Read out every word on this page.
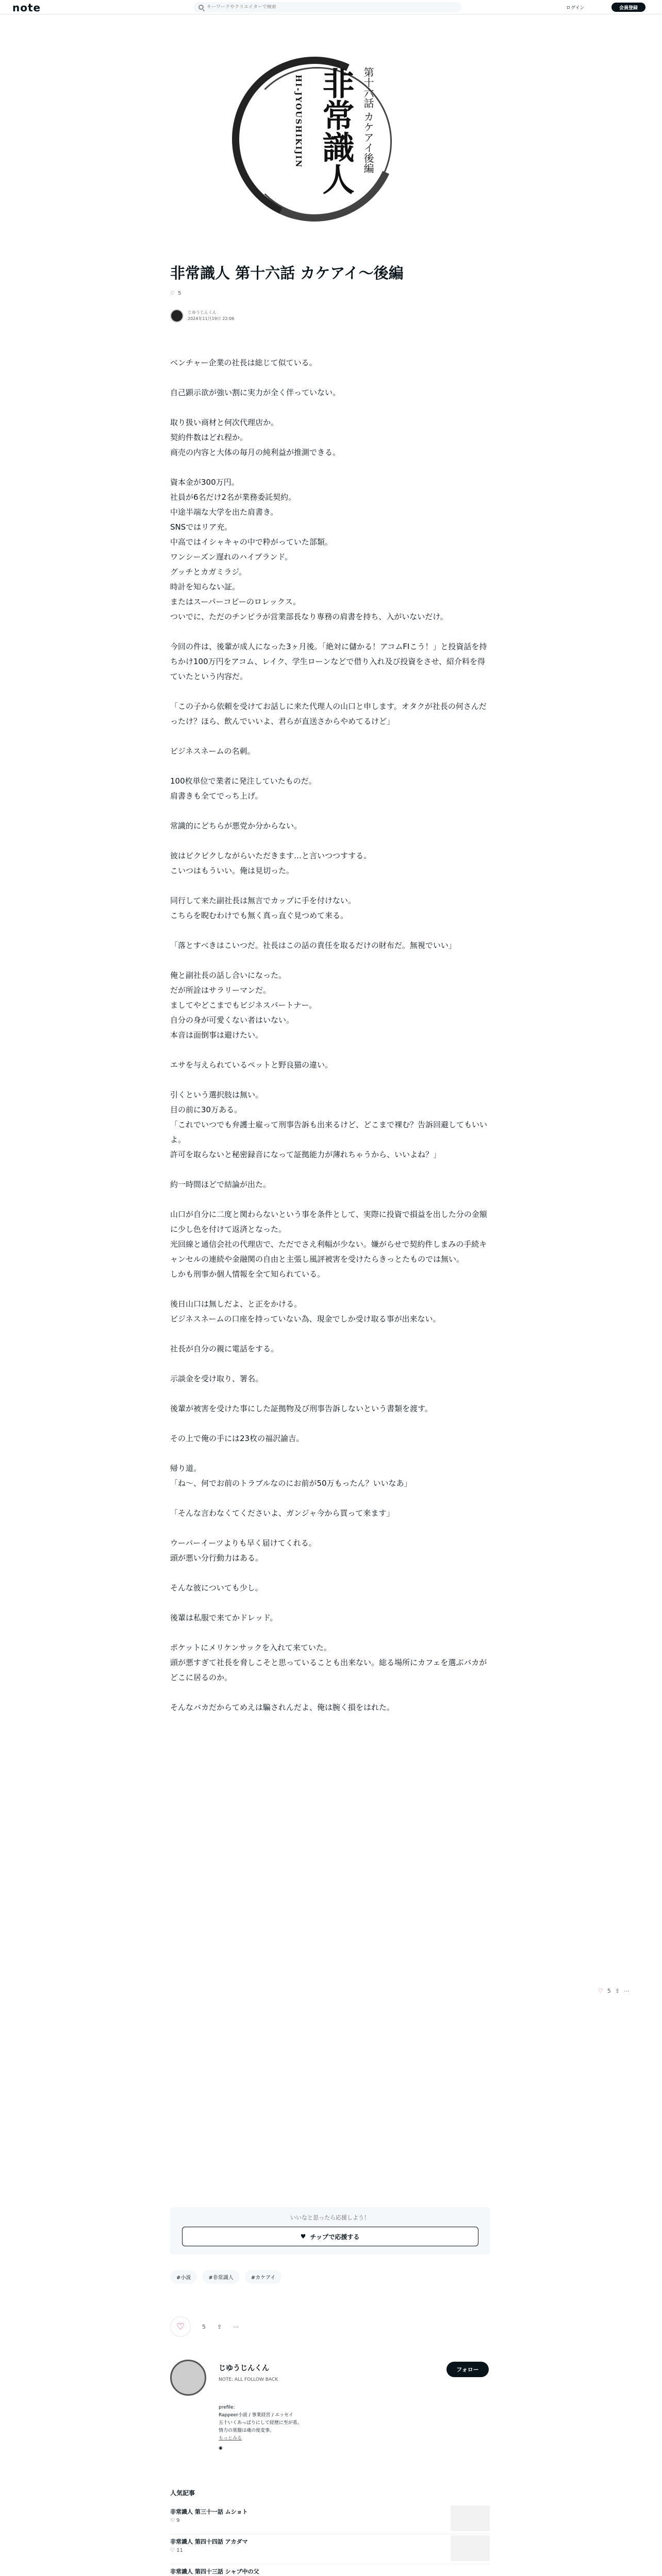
note
キーワードやクリエイターで検索	ログイン	会員登録
HI-JYOUSHIKIJIN 非常識人 第十六話 カケアイ後編
非常識人 第十六話 カケアイ〜後編
♡ 5
じゆうじんくん
2024年11月19日 22:06

ベンチャー企業の社長は総じて似ている。

自己顕示欲が強い割に実力が全く伴っていない。

取り扱い商材と何次代理店か。
契約件数はどれ程か。
商売の内容と大体の毎月の純利益が推測できる。

資本金が300万円。
社員が6名だけ2名が業務委託契約。
中途半端な大学を出た肩書き。
SNSではリア充。
中高ではイシャキャの中で粋がっていた部類。
ワンシーズン遅れのハイブランド。
グッチとカガミラジ。
時計を知らない証。
またはスーパーコピーのロレックス。
ついでに、ただのチンピラが営業部長なり専務の肩書を持ち、入がいないだけ。

今回の件は、後輩が成人になった3ヶ月後。「絶対に儲かる！アコムFIこう！」と投資話を持ちかけ100万円をアコム、レイク、学生ローンなどで借り入れ及び投資をさせ、紹介料を得ていたという内容だ。

「この子から依頼を受けてお話しに来た代理人の山口と申します。オタクが社長の何さんだったけ？ほら、飲んでいいよ、君らが直送さからやめてるけど」

ビジネスネームの名刺。

100枚単位で業者に発注していたものだ。
肩書きも全てでっち上げ。

常識的にどちらが悪党か分からない。

彼はビクビクしながらいただきます…と言いつつすする。
こいつはもういい。俺は見切った。

同行して来た副社長は無言でカップに手を付けない。
こちらを睨むわけでも無く真っ直ぐ見つめて来る。

「落とすべきはこいつだ。社長はこの話の責任を取るだけの財布だ。無視でいい」

俺と副社長の話し合いになった。
だが所詮はサラリーマンだ。
ましてやどこまでもビジネスパートナー。
自分の身が可愛くない者はいない。
本音は面倒事は避けたい。

エサを与えられているペットと野良猫の違い。

引くという選択肢は無い。
目の前に30万ある。
「これでいつでも弁護士雇って刑事告訴も出来るけど、どこまで裸む？告訴回避してもいいよ。
許可を取らないと秘密録音になって証拠能力が薄れちゃうから、いいよね？」

約一時間ほどで結論が出た。

山口が自分に二度と関わらないという事を条件として、実際に投資で損益を出した分の金額に少し色を付けて返済となった。
光回線と通信会社の代理店で、ただでさえ利幅が少ない。嫌がらせで契約件しまみの手続キャンセルの連続や金融関の自由と主張し風評被害を受けたらきっとたものでは無い。
しかも刑事か個人情報を全て知られている。

後日山口は無しだよ、と正をかける。
ビジネスネームの口座を持っていない為、現金でしか受け取る事が出来ない。

社長が自分の親に電話をする。

示談金を受け取り、署名。

後輩が被害を受けた事にした証拠物及び刑事告訴しないという書類を渡す。

その上で俺の手には23枚の福沢諭吉。

帰り道。
「ね〜、何でお前のトラブルなのにお前が50万もったん？いいなあ」

「そんな言わなくてくださいよ、ガンジャ今から買って来ます」

ウーバーイーツよりも早く届けてくれる。
頭が悪い分行動力はある。

そんな彼についても少し。

後輩は私服で来てかドレッド。

ポケットにメリケンサックを入れて来ていた。
頭が悪すぎて社長を脅しこそと思っていることも出来ない。総る場所にカフェを選ぶバカがどこに居るのか。

そんなバカだからてめえは騙されんだよ、俺は腕く損をはれた。

♡ 5 ⇪ ⋯
いいなと思ったら応援しよう！
♥ チップで応援する
#小説	#非常識人	#カケアイ
♡	5 ⇪ ⋯
じゆうじんくん
NOTE: ALL FOLLOW BACK
prefile:
Rappeer小説 / 事業経営 / エッセイ
五十いくあっぱりにして経歴に至が系。
情力の基盤は魂の度変事。
もっとみる
◉
フォロー
人気記事
非常識人 第三十一話 ムショト
♡ 9
非常識人 第四十四話 アカダマ
♡ 11
非常識人 第四十三話 シャブ中の父
